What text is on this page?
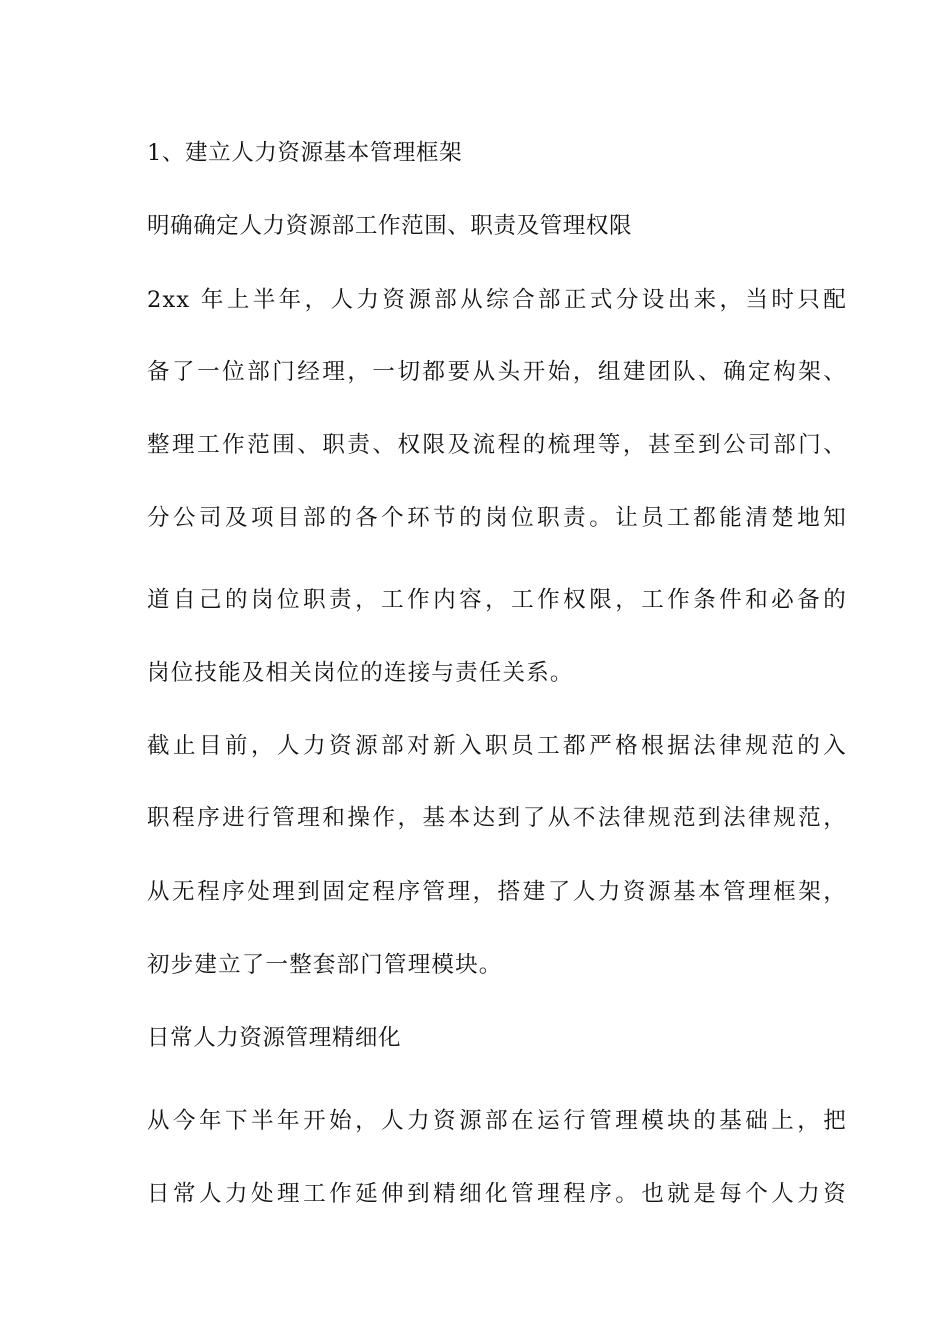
1、建立人力资源基本管理框架
明确确定人力资源部工作范围、职责及管理权限
2xx 年上半年，人力资源部从综合部正式分设出来，当时只配
备了一位部门经理，一切都要从头开始，组建团队、确定构架、
整理工作范围、职责、权限及流程的梳理等，甚至到公司部门、
分公司及项目部的各个环节的岗位职责。让员工都能清楚地知
道自己的岗位职责，工作内容，工作权限，工作条件和必备的
岗位技能及相关岗位的连接与责任关系。
截止目前，人力资源部对新入职员工都严格根据法律规范的入
职程序进行管理和操作，基本达到了从不法律规范到法律规范，
从无程序处理到固定程序管理，搭建了人力资源基本管理框架，
初步建立了一整套部门管理模块。
日常人力资源管理精细化
从今年下半年开始，人力资源部在运行管理模块的基础上，把
日常人力处理工作延伸到精细化管理程序。也就是每个人力资
